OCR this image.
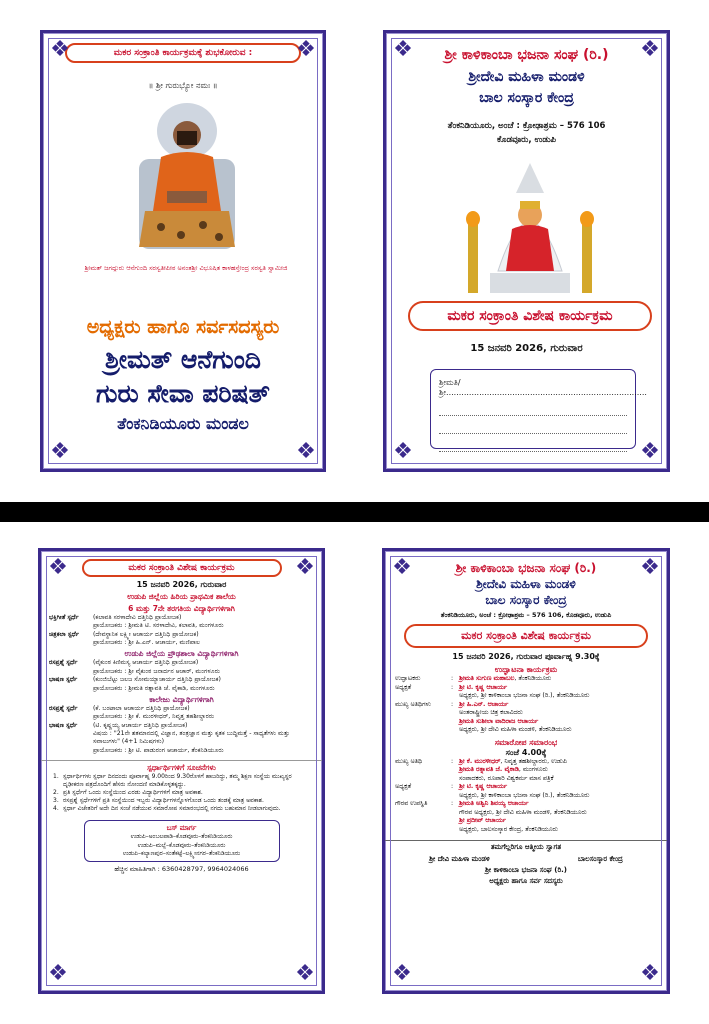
❖	❖
❖	❖
ಮಕರ ಸಂಕ್ರಾಂತಿ ಕಾರ್ಯಕ್ರಮಕ್ಕೆ ಶುಭಕೋರುವ :
॥ ಶ್ರೀ ಗುರುಭ್ಯೋ ನಮಃ ॥
ಶ್ರೀಮತ್ ಜಗದ್ಗುರು ಆನೆಗುಂದಿ ಸರಸ್ವತೀಪೀಠ ಅನಂತಶ್ರೀ ವಿಭೂಷಿತ ಕಾಳಹಸ್ತೇಂದ್ರ ಸರಸ್ವತಿ ಸ್ವಾಮೀಜಿ
ಅಧ್ಯಕ್ಷರು ಹಾಗೂ ಸರ್ವಸದಸ್ಯರು
ಶ್ರೀಮತ್ ಆನೆಗುಂದಿ
ಗುರು ಸೇವಾ ಪರಿಷತ್
ತೆಂಕನಿಡಿಯೂರು ಮಂಡಲ
❖	❖
❖	❖
ಶ್ರೀ ಕಾಳಿಕಾಂಬಾ ಭಜನಾ ಸಂಘ (ರಿ.)
ಶ್ರೀದೇವಿ ಮಹಿಳಾ ಮಂಡಳಿ
ಬಾಲ ಸಂಸ್ಕಾರ ಕೇಂದ್ರ
ತೆಂಕನಿಡಿಯೂರು, ಅಂಚೆ : ಕ್ರೋಢಾಶ್ರಮ – 576 106
ಕೊಡವೂರು, ಉಡುಪಿ
ಮಕರ ಸಂಕ್ರಾಂತಿ ವಿಶೇಷ ಕಾರ್ಯಕ್ರಮ
15 ಜನವರಿ 2026, ಗುರುವಾರ
ಶ್ರೀಮತಿ/ಶ್ರೀ...............................................................................
❖	❖
❖	❖
ಮಕರ ಸಂಕ್ರಾಂತಿ ವಿಶೇಷ ಕಾರ್ಯಕ್ರಮ
15 ಜನವರಿ 2026, ಗುರುವಾರ
ಉಡುಪಿ ಜಿಲ್ಲೆಯ ಹಿರಿಯ ಪ್ರಾಥಮಿಕ ಶಾಲೆಯ
6 ಮತ್ತು 7ನೇ ತರಗತಿಯ ವಿದ್ಯಾರ್ಥಿಗಳಿಗಾಗಿ
ಭಕ್ತಿಗೀತೆ ಸ್ಪರ್ಧೆ	(ಕಲಾವತಿ ಸರಳಾದೇವಿ ದತ್ತಿನಿಧಿ ಪ್ರಾಯೋಜಕ)
ಪ್ರಾಯೋಜಕರು : ಶ್ರೀಮತಿ ಟಿ. ಸರಳಾದೇವಿ, ಕಲಾವತಿ, ಮಂಗಳೂರು
ಚಿತ್ರಕಲಾ ಸ್ಪರ್ಧೆ	(ದೇವಸ್ಥಾನಿಕ ಲಕ್ಷ್ಮೀ ಆಚಾರ್ಯ ದತ್ತಿನಿಧಿ ಪ್ರಾಯೋಜಕ)
ಪ್ರಾಯೋಜಕರು : ಶ್ರೀ ಹಿ.ಎನ್. ಆಚಾರ್ಯ, ಮಣಿಪಾಲ
ಉಡುಪಿ ಜಿಲ್ಲೆಯ ಪ್ರೌಢಶಾಲಾ ವಿದ್ಯಾರ್ಥಿಗಳಿಗಾಗಿ
ರಸಪ್ರಶ್ನೆ ಸ್ಪರ್ಧೆ	(ವೈಕುಂಠ ಕಿಣಿಮಸ್ಯ ಆಚಾರ್ಯ ದತ್ತಿನಿಧಿ ಪ್ರಾಯೋಜಕ)
ಪ್ರಾಯೋಜಕರು : ಶ್ರೀ ವೈಕುಂಠ ಜನಾರ್ದನ ಆಚಾರ್, ಮಂಗಳೂರು
ಭಾಷಣ ಸ್ಪರ್ಧೆ	(ಕುಂಜಿಬೆಟ್ಟು ಜಲಜ ಸೋಮಯ್ಯಾಚಾರ್ಯ ದತ್ತಿನಿಧಿ ಪ್ರಾಯೋಜಕ)
ಪ್ರಾಯೋಜಕರು : ಶ್ರೀಮತಿ ರತ್ನಾವತಿ ಜೆ. ವೈಕಾಡಿ, ಮಂಗಳೂರು
ಕಾಲೇಜು ವಿದ್ಯಾರ್ಥಿಗಳಿಗಾಗಿ
ರಸಪ್ರಶ್ನೆ ಸ್ಪರ್ಧೆ	(ಕೆ. ಬಂಟಾಲಾ ಆಚಾರ್ಯ ದತ್ತಿನಿಧಿ ಪ್ರಾಯೋಜಕ)
ಪ್ರಾಯೋಜಕರು : ಶ್ರೀ ಕೆ. ಮುರಳೀಧರ್, ನಿವೃತ್ತ ತಹಶೀಲ್ದಾರರು
ಭಾಷಣ ಸ್ಪರ್ಧೆ	(ಟಿ. ಕೃಷ್ಣಯ್ಯ ಆಚಾರ್ಯ ದತ್ತಿನಿಧಿ ಪ್ರಾಯೋಜಕ)
ವಿಷಯ : "21ನೇ ಶತಮಾನದಲ್ಲಿ ವಿಜ್ಞಾನ, ತಂತ್ರಜ್ಞಾನ ಮತ್ತು ಕೃತಕ ಬುದ್ಧಿಮತ್ತೆ - ಸಾಧ್ಯತೆಗಳು ಮತ್ತು ಸವಾಲುಗಳು" (4+1 ನಿಮಿಷಗಳು)
ಪ್ರಾಯೋಜಕರು : ಶ್ರೀ ಟಿ. ಪಾಡುರಂಗ ಆಚಾರ್ಯ, ತೆಂಕನಿಡಿಯೂರು
ಸ್ಪರ್ಧಾರ್ಥಿಗಳಿಗೆ ಸೂಚನೆಗಳು
1. ಸ್ಪರ್ಧಾರ್ಥಿಗಳು ಸ್ಪರ್ಧಾ ದಿನದಂದು ಪೂರ್ವಾಹ್ನ 9.00ರಿಂದ 9.30ರೊಳಗೆ ಹಾಜರಿದ್ದು, ತಮ್ಮ ಶಿಕ್ಷಣ ಸಂಸ್ಥೆಯ ಮುಖ್ಯಸ್ಥರ ದೃಢೀಕರಣ ಪತ್ರದೊಂದಿಗೆ ಹೆಸರು ನೋಂದಣಿ ಮಾಡಿಕೊಳ್ಳತಕ್ಕದ್ದು.
2. ಪ್ರತಿ ಸ್ಪರ್ಧೆಗೆ ಒಂದು ಸಂಸ್ಥೆಯಿಂದ ಎರಡು ವಿದ್ಯಾರ್ಥಿಗಳಿಗೆ ಮಾತ್ರ ಅವಕಾಶ.
3. ರಸಪ್ರಶ್ನೆ ಸ್ಪರ್ಧೆಗಳಿಗೆ ಪ್ರತಿ ಸಂಸ್ಥೆಯಿಂದ ಇಬ್ಬರು ವಿದ್ಯಾರ್ಥಿಗಳನ್ನೊಳಗೊಂಡ ಒಂದು ತಂಡಕ್ಕೆ ಮಾತ್ರ ಅವಕಾಶ.
4. ಸ್ಪರ್ಧಾ ವಿಜೇತರಿಗೆ ಅದೇ ದಿನ ಸಂಜೆ ನಡೆಯುವ ಸಮಾರೋಪ ಸಮಾರಂಭದಲ್ಲಿ ನಗದು ಬಹುಮಾನ ನೀಡಲಾಗುವುದು.
ಬಸ್ ಮಾರ್ಗ
ಉಡುಪಿ–ಅಂಬಲಪಾಡಿ–ಕೊಡವೂರು–ತೆಂಕನಿಡಿಯೂರು
ಉಡುಪಿ–ಮಲ್ಪೆ–ಕೊಡವೂರು–ತೆಂಕನಿಡಿಯೂರು
ಉಡುಪಿ–ಕಲ್ಯಾಣಪುರ–ಸಂತೆಕಟ್ಟೆ–ಲಕ್ಷ್ಮೀನಗರ–ತೆಂಕನಿಡಿಯೂರು
ಹೆಚ್ಚಿನ ಮಾಹಿತಿಗಾಗಿ : 6360428797, 9964024066
❖	❖
❖	❖
ಶ್ರೀ ಕಾಳಿಕಾಂಬಾ ಭಜನಾ ಸಂಘ (ರಿ.)
ಶ್ರೀದೇವಿ ಮಹಿಳಾ ಮಂಡಳಿ
ಬಾಲ ಸಂಸ್ಕಾರ ಕೇಂದ್ರ
ತೆಂಕನಿಡಿಯೂರು, ಅಂಚೆ : ಕ್ರೋಢಾಶ್ರಮ – 576 106, ಕೊಡವೂರು, ಉಡುಪಿ
ಮಕರ ಸಂಕ್ರಾಂತಿ ವಿಶೇಷ ಕಾರ್ಯಕ್ರಮ
15 ಜನವರಿ 2026, ಗುರುವಾರ ಪೂರ್ವಾಹ್ನ 9.30ಕ್ಕೆ
ಉದ್ಘಾಟನಾ ಕಾರ್ಯಕ್ರಮ
ಉದ್ಘಾಟಕರು	: ಶ್ರೀಮತಿ ಸುಗುಣ ಮಹಾಬಲ, ತೆಂಕನಿಡಿಯೂರು
ಅಧ್ಯಕ್ಷತೆ	: ಶ್ರೀ ಟಿ. ಕೃಷ್ಣ ಆಚಾರ್ಯ
ಅಧ್ಯಕ್ಷರು, ಶ್ರೀ ಕಾಳಿಕಾಂಬಾ ಭಜನಾ ಸಂಘ (ರಿ.), ತೆಂಕನಿಡಿಯೂರು
ಮುಖ್ಯ ಅತಿಥಿಗಳು	: ಶ್ರೀ ಹಿ.ಎನ್. ಆಚಾರ್ಯ
ಅಂತರಾಷ್ಟ್ರೀಯ ಚಿತ್ರ ಕಲಾವಿದರು
ಶ್ರೀಮತಿ ಸುಶೀಲಾ ವಾದಿರಾಜ ಆಚಾರ್ಯ
ಅಧ್ಯಕ್ಷರು, ಶ್ರೀ ದೇವಿ ಮಹಿಳಾ ಮಂಡಳಿ, ತೆಂಕನಿಡಿಯೂರು
ಸಮಾರೋಪ ಸಮಾರಂಭ
ಸಂಜೆ 4.00ಕ್ಕೆ
ಮುಖ್ಯ ಅತಿಥಿ	: ಶ್ರೀ ಕೆ. ಮುರಳೀಧರ್, ನಿವೃತ್ತ ತಹಶೀಲ್ದಾರರು, ಉಡುಪಿ
ಶ್ರೀಮತಿ ರತ್ನಾವತಿ ಜೆ. ವೈಕಾಡಿ, ಮಂಗಳೂರು
ಸಂಪಾದಕರು, ರೂಪಾರಿ ವಿಶ್ವಕರ್ಮ ಮಾಸ ಪತ್ರಿಕೆ
ಅಧ್ಯಕ್ಷತೆ	: ಶ್ರೀ ಟಿ. ಕೃಷ್ಣ ಆಚಾರ್ಯ
ಅಧ್ಯಕ್ಷರು, ಶ್ರೀ ಕಾಳಿಕಾಂಬಾ ಭಜನಾ ಸಂಘ (ರಿ.), ತೆಂಕನಿಡಿಯೂರು
ಗೌರವ ಉಪಸ್ಥಿತಿ	: ಶ್ರೀಮತಿ ಅಶ್ವಿನಿ ಶಿವಯ್ಯ ಆಚಾರ್ಯ
ಗೌರವ ಅಧ್ಯಕ್ಷರು, ಶ್ರೀ ದೇವಿ ಮಹಿಳಾ ಮಂಡಳಿ, ತೆಂಕನಿಡಿಯೂರು
ಶ್ರೀ ಪ್ರದೀಪ್ ಆಚಾರ್ಯ
ಅಧ್ಯಕ್ಷರು, ಬಾಲಸಂಸ್ಕಾರ ಕೇಂದ್ರ, ತೆಂಕನಿಡಿಯೂರು
ತಮಗೆಲ್ಲರಿಗೂ ಆತ್ಮೀಯ ಸ್ವಾಗತ
ಶ್ರೀ ದೇವಿ ಮಹಿಳಾ ಮಂಡಳಿ	ಬಾಲಸಂಸ್ಕಾರ ಕೇಂದ್ರ
ಶ್ರೀ ಕಾಳಿಕಾಂಬಾ ಭಜನಾ ಸಂಘ (ರಿ.)
ಅಧ್ಯಕ್ಷರು ಹಾಗೂ ಸರ್ವ ಸದಸ್ಯರು
